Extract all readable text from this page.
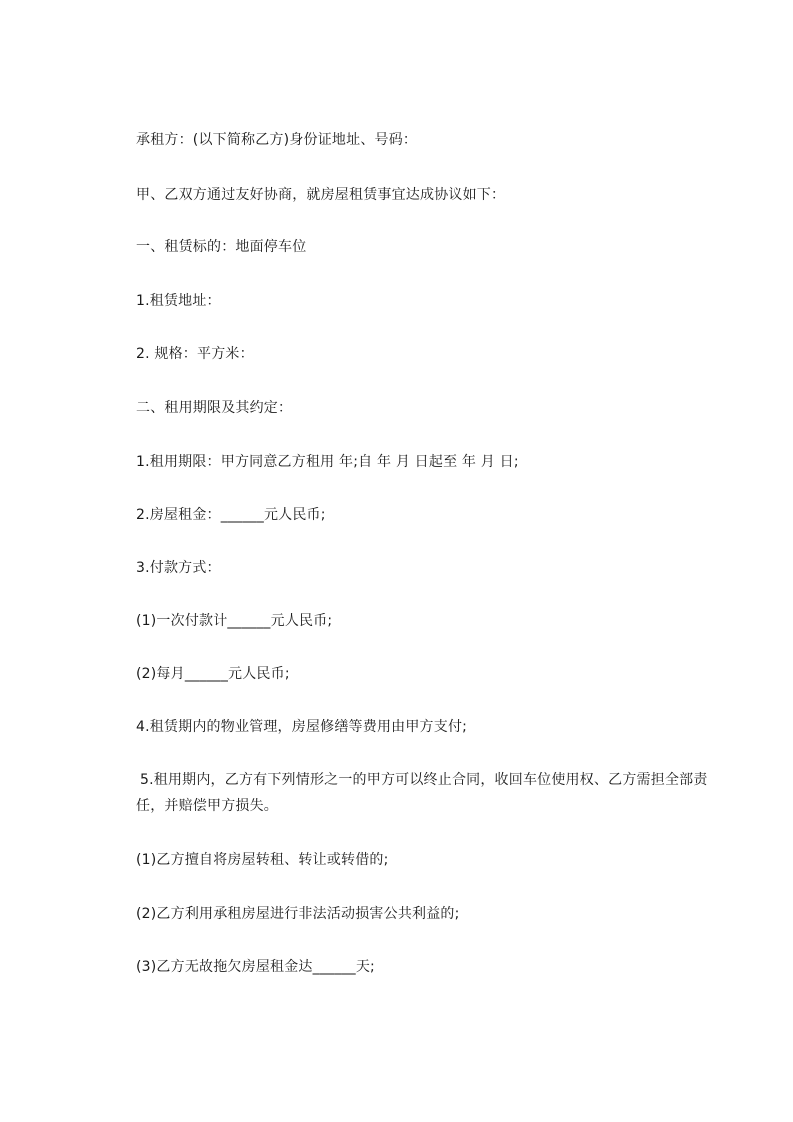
承租方：(以下简称乙方)身份证地址、号码：
甲、乙双方通过友好协商，就房屋租赁事宜达成协议如下：
一、租赁标的：地面停车位
1.租赁地址：
2. 规格：平方米：
二、租用期限及其约定：
1.租用期限：甲方同意乙方租用 年;自 年 月 日起至 年 月 日;
2.房屋租金：______元人民币;
3.付款方式：
(1)一次付款计______元人民币;
(2)每月______元人民币;
4.租赁期内的物业管理，房屋修缮等费用由甲方支付;
5.租用期内，乙方有下列情形之一的甲方可以终止合同，收回车位使用权、乙方需担全部责任，并赔偿甲方损失。
(1)乙方擅自将房屋转租、转让或转借的;
(2)乙方利用承租房屋进行非法活动损害公共利益的;
(3)乙方无故拖欠房屋租金达______天;
